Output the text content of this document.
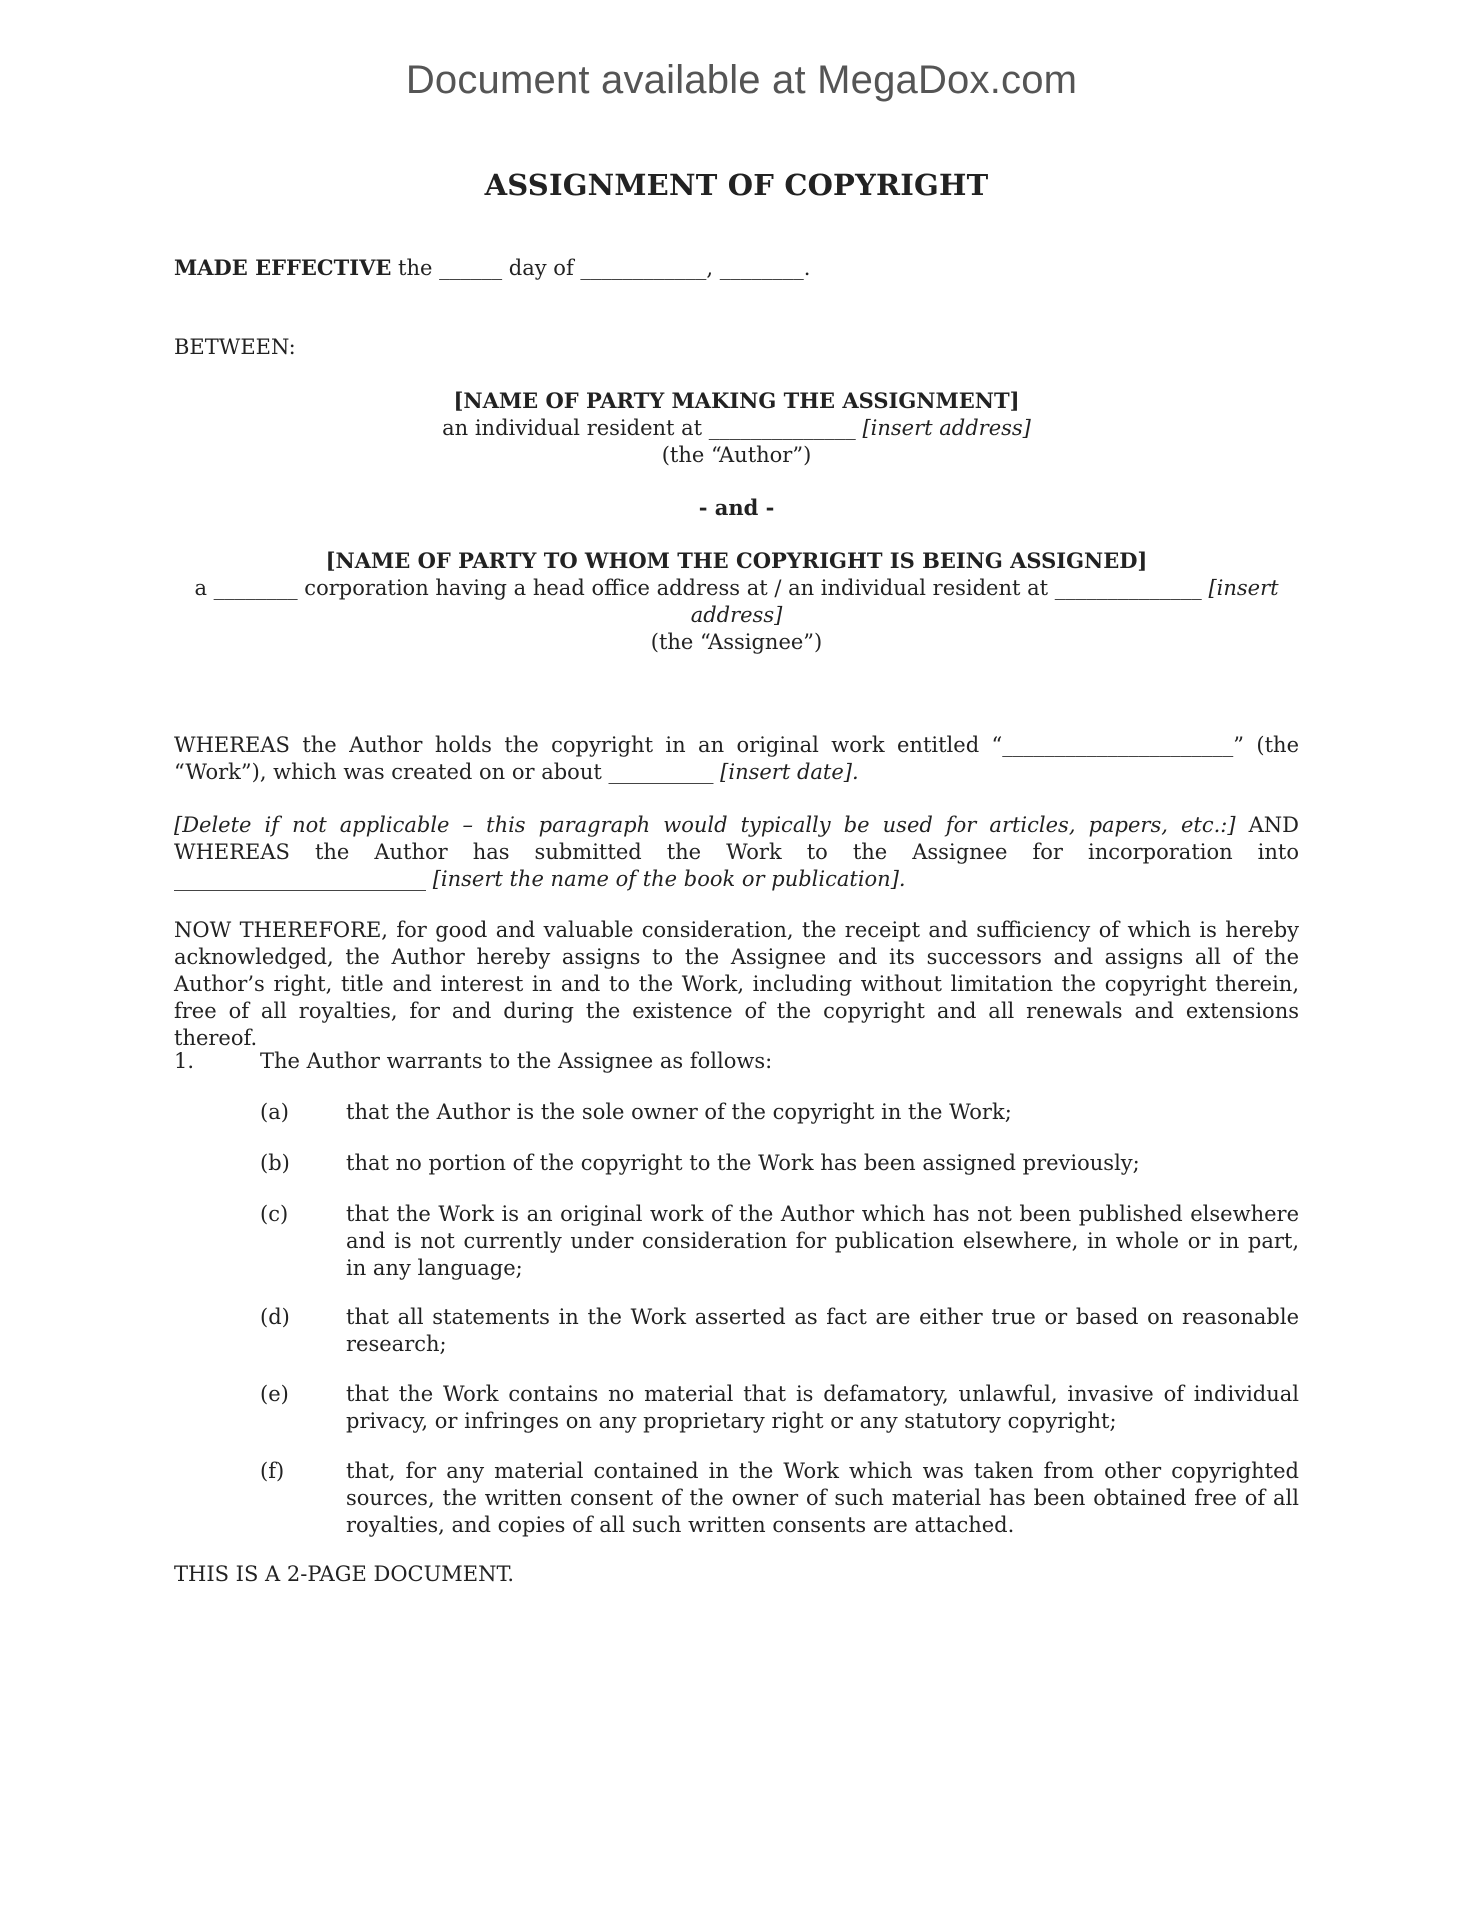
Document available at MegaDox.com
ASSIGNMENT OF COPYRIGHT
MADE EFFECTIVE the ______ day of ____________, ________.
BETWEEN:
[NAME OF PARTY MAKING THE ASSIGNMENT]
an individual resident at ______________ [insert address]
(the “Author”)
- and -
[NAME OF PARTY TO WHOM THE COPYRIGHT IS BEING ASSIGNED]
a ________ corporation having a head office address at / an individual resident at ______________ [insert address]
(the “Assignee”)
WHEREAS the Author holds the copyright in an original work entitled “______________________” (the “Work”), which was created on or about __________ [insert date].
[Delete if not applicable – this paragraph would typically be used for articles, papers, etc.:] AND WHEREAS the Author has submitted the Work to the Assignee for incorporation into ________________________ [insert the name of the book or publication].
NOW THEREFORE, for good and valuable consideration, the receipt and sufficiency of which is hereby acknowledged, the Author hereby assigns to the Assignee and its successors and assigns all of the Author’s right, title and interest in and to the Work, including without limitation the copyright therein, free of all royalties, for and during the existence of the copyright and all renewals and extensions thereof.
1.	The Author warrants to the Assignee as follows:
(a)	that the Author is the sole owner of the copyright in the Work;
(b)	that no portion of the copyright to the Work has been assigned previously;
(c)	that the Work is an original work of the Author which has not been published elsewhere and is not currently under consideration for publication elsewhere, in whole or in part, in any language;
(d)	that all statements in the Work asserted as fact are either true or based on reasonable research;
(e)	that the Work contains no material that is defamatory, unlawful, invasive of individual privacy, or infringes on any proprietary right or any statutory copyright;
(f)	that, for any material contained in the Work which was taken from other copyrighted sources, the written consent of the owner of such material has been obtained free of all royalties, and copies of all such written consents are attached.
THIS IS A 2-PAGE DOCUMENT.
